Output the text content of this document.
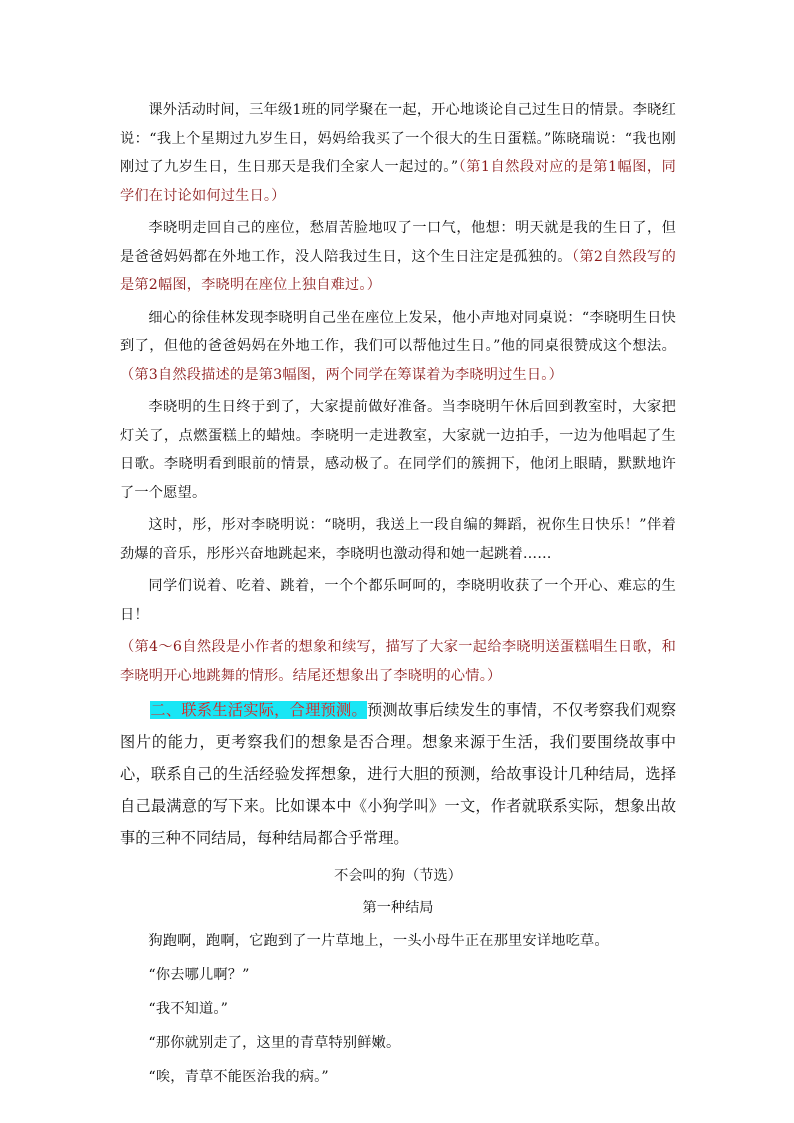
课外活动时间，三年级1班的同学聚在一起，开心地谈论自己过生日的情景。李晓红说：“我上个星期过九岁生日，妈妈给我买了一个很大的生日蛋糕。”陈晓瑞说：“我也刚刚过了九岁生日，生日那天是我们全家人一起过的。”（第1自然段对应的是第1幅图，同学们在讨论如何过生日。）

李晓明走回自己的座位，愁眉苦脸地叹了一口气，他想：明天就是我的生日了，但是爸爸妈妈都在外地工作，没人陪我过生日，这个生日注定是孤独的。（第2自然段写的是第2幅图，李晓明在座位上独自难过。）

细心的徐佳林发现李晓明自己坐在座位上发呆，他小声地对同桌说：“李晓明生日快到了，但他的爸爸妈妈在外地工作，我们可以帮他过生日。”他的同桌很赞成这个想法。（第3自然段描述的是第3幅图，两个同学在筹谋着为李晓明过生日。）

李晓明的生日终于到了，大家提前做好准备。当李晓明午休后回到教室时，大家把灯关了，点燃蛋糕上的蜡烛。李晓明一走进教室，大家就一边拍手，一边为他唱起了生日歌。李晓明看到眼前的情景，感动极了。在同学们的簇拥下，他闭上眼睛，默默地许了一个愿望。

这时，彤，彤对李晓明说：“晓明，我送上一段自编的舞蹈，祝你生日快乐！”伴着劲爆的音乐，彤彤兴奋地跳起来，李晓明也激动得和她一起跳着……

同学们说着、吃着、跳着，一个个都乐呵呵的，李晓明收获了一个开心、难忘的生日！

（第4～6自然段是小作者的想象和续写，描写了大家一起给李晓明送蛋糕唱生日歌，和李晓明开心地跳舞的情形。结尾还想象出了李晓明的心情。）

二、联系生活实际，合理预测。预测故事后续发生的事情，不仅考察我们观察图片的能力，更考察我们的想象是否合理。想象来源于生活，我们要围绕故事中心，联系自己的生活经验发挥想象，进行大胆的预测，给故事设计几种结局，选择自己最满意的写下来。比如课本中《小狗学叫》一文，作者就联系实际，想象出故事的三种不同结局，每种结局都合乎常理。

不会叫的狗（节选）

第一种结局

狗跑啊，跑啊，它跑到了一片草地上，一头小母牛正在那里安详地吃草。

“你去哪儿啊？”

“我不知道。”

“那你就别走了，这里的青草特别鲜嫩。

“唉，青草不能医治我的病。”
